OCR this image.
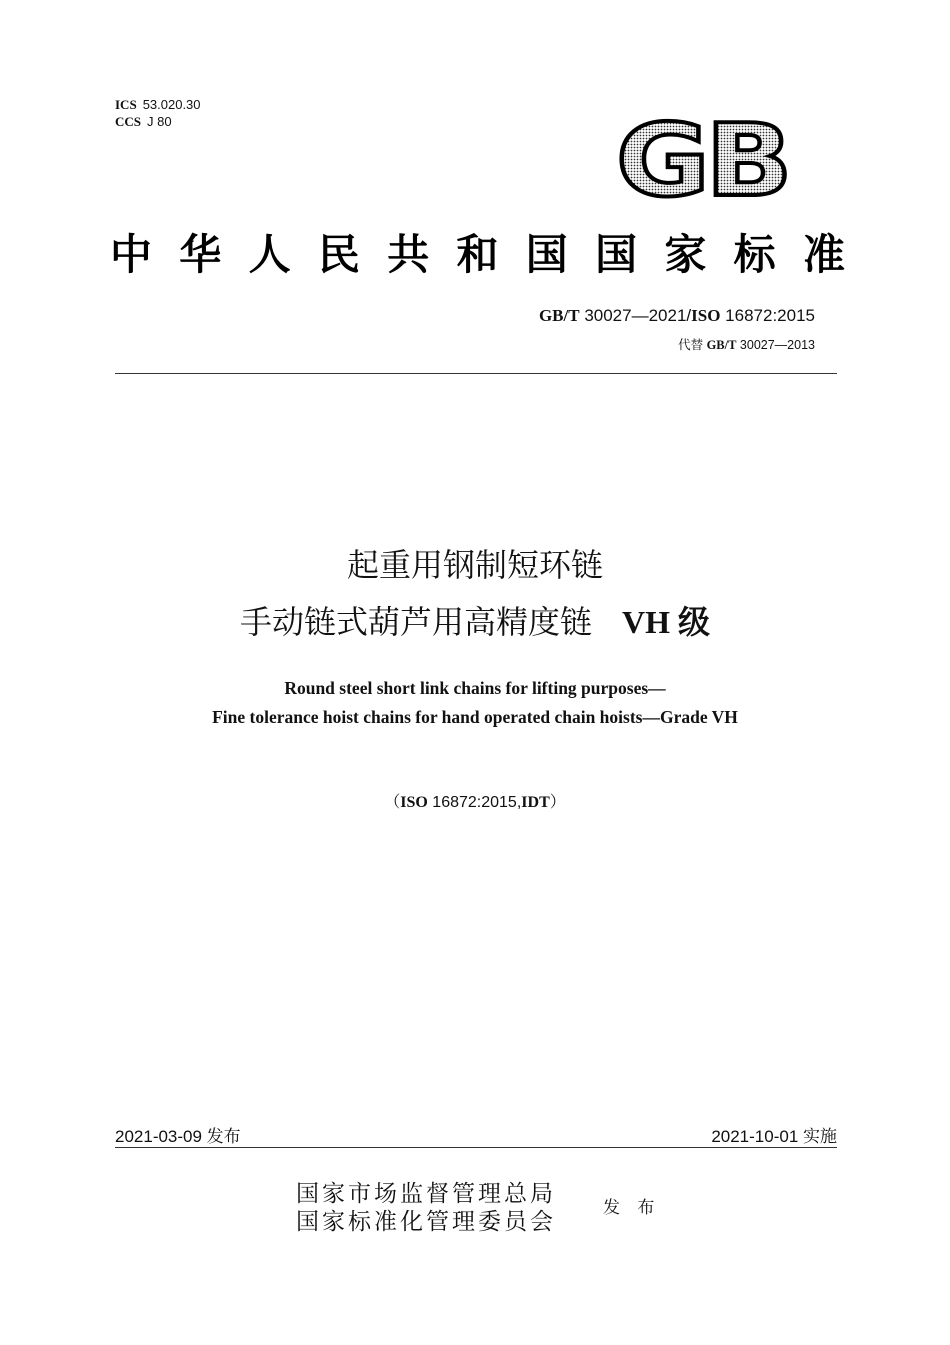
ICS 53.020.30
CCS J 80	GB
中 华 人 民 共 和 国 国 家 标 准
GB/T 30027—2021/ISO 16872:2015
代替 GB/T 30027—2013
起重用钢制短环链
手动链式葫芦用高精度链 VH 级
Round steel short link chains for lifting purposes—
Fine tolerance hoist chains for hand operated chain hoists—Grade VH
（ISO 16872:2015,IDT）
2021-03-09 发布	2021-10-01 实施
国家市场监督管理总局
国家标准化管理委员会
发 布
